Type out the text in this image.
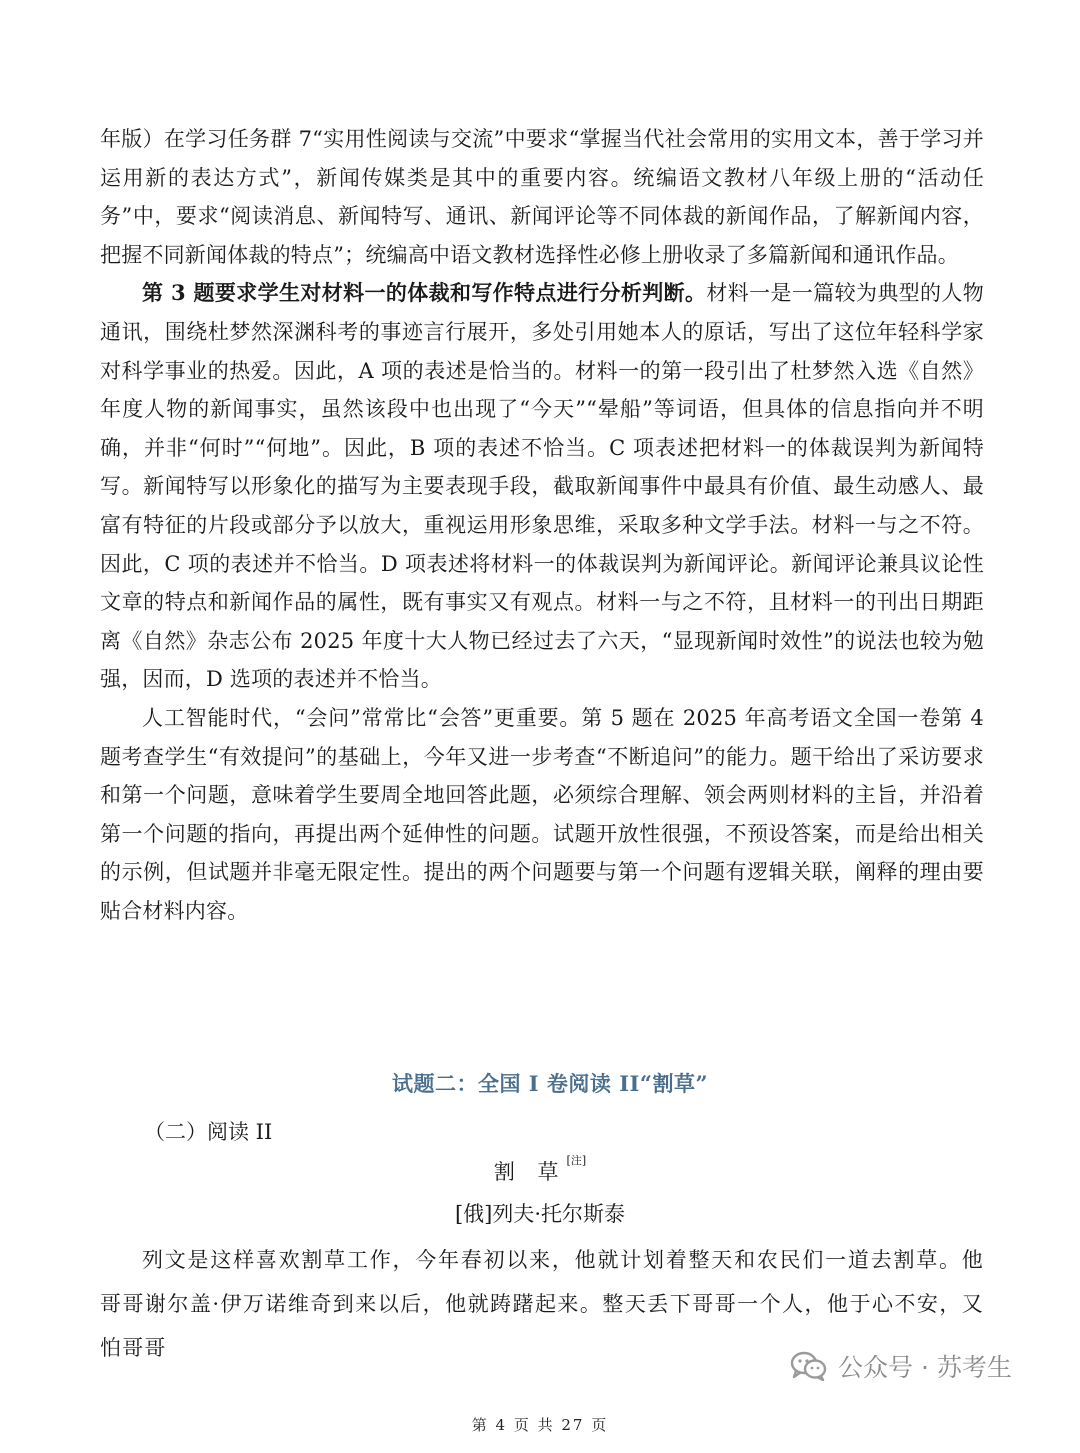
年版）在学习任务群 7“实用性阅读与交流”中要求“掌握当代社会常用的实用文本，善于学习并运用新的表达方式”，新闻传媒类是其中的重要内容。统编语文教材八年级上册的“活动任务”中，要求“阅读消息、新闻特写、通讯、新闻评论等不同体裁的新闻作品，了解新闻内容，把握不同新闻体裁的特点”；统编高中语文教材选择性必修上册收录了多篇新闻和通讯作品。

第 3 题要求学生对材料一的体裁和写作特点进行分析判断。材料一是一篇较为典型的人物通讯，围绕杜梦然深渊科考的事迹言行展开，多处引用她本人的原话，写出了这位年轻科学家对科学事业的热爱。因此，A 项的表述是恰当的。材料一的第一段引出了杜梦然入选《自然》年度人物的新闻事实，虽然该段中也出现了“今天”“晕船”等词语，但具体的信息指向并不明确，并非“何时”“何地”。因此，B 项的表述不恰当。C 项表述把材料一的体裁误判为新闻特写。新闻特写以形象化的描写为主要表现手段，截取新闻事件中最具有价值、最生动感人、最富有特征的片段或部分予以放大，重视运用形象思维，采取多种文学手法。材料一与之不符。因此，C 项的表述并不恰当。D 项表述将材料一的体裁误判为新闻评论。新闻评论兼具议论性文章的特点和新闻作品的属性，既有事实又有观点。材料一与之不符，且材料一的刊出日期距离《自然》杂志公布 2025 年度十大人物已经过去了六天，“显现新闻时效性”的说法也较为勉强，因而，D 选项的表述并不恰当。

人工智能时代，“会问”常常比“会答”更重要。第 5 题在 2025 年高考语文全国一卷第 4 题考查学生“有效提问”的基础上，今年又进一步考查“不断追问”的能力。题干给出了采访要求和第一个问题，意味着学生要周全地回答此题，必须综合理解、领会两则材料的主旨，并沿着第一个问题的指向，再提出两个延伸性的问题。试题开放性很强，不预设答案，而是给出相关的示例，但试题并非毫无限定性。提出的两个问题要与第一个问题有逻辑关联，阐释的理由要贴合材料内容。

试题二：全国 I 卷阅读 II“割草”
（二）阅读 II
割 草[注]
[俄]列夫·托尔斯泰

列文是这样喜欢割草工作，今年春初以来，他就计划着整天和农民们一道去割草。他哥哥谢尔盖·伊万诺维奇到来以后，他就踌躇起来。整天丢下哥哥一个人，他于心不安，又怕哥哥

公众号 · 苏考生
第 4 页 共 27 页
